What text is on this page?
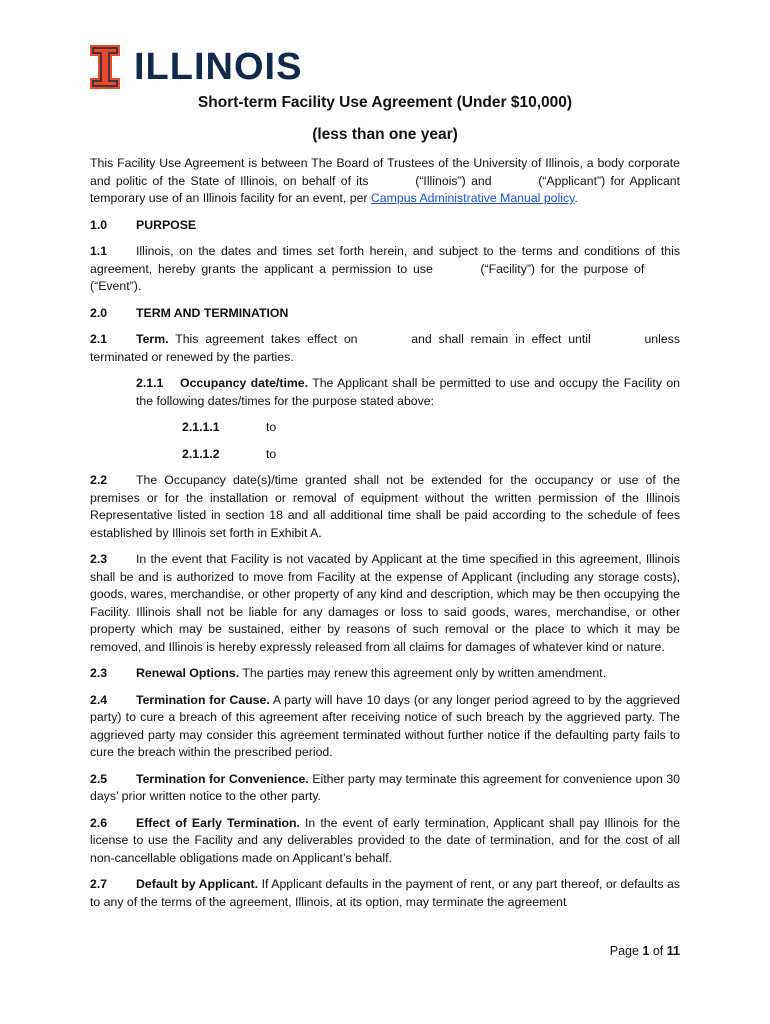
ILLINOIS
Short-term Facility Use Agreement (Under $10,000)
(less than one year)

This Facility Use Agreement is between The Board of Trustees of the University of Illinois, a body corporate and politic of the State of Illinois, on behalf of its	(“Illinois”) and	(“Applicant”) for Applicant temporary use of an Illinois facility for an event, per Campus Administrative Manual policy.

1.0 PURPOSE

1.1 Illinois, on the dates and times set forth herein, and subject to the terms and conditions of this agreement, hereby grants the applicant a permission to use	(“Facility”) for the purpose of  (“Event”).

2.0 TERM AND TERMINATION

2.1 Term. This agreement takes effect on	and shall remain in effect until	unless terminated or renewed by the parties.

2.1.1 Occupancy date/time. The Applicant shall be permitted to use and occupy the Facility on the following dates/times for the purpose stated above:

2.1.1.1	to

2.1.1.2	to

2.2 The Occupancy date(s)/time granted shall not be extended for the occupancy or use of the premises or for the installation or removal of equipment without the written permission of the Illinois Representative listed in section 18 and all additional time shall be paid according to the schedule of fees established by Illinois set forth in Exhibit A.

2.3 In the event that Facility is not vacated by Applicant at the time specified in this agreement, Illinois shall be and is authorized to move from Facility at the expense of Applicant (including any storage costs), goods, wares, merchandise, or other property of any kind and description, which may be then occupying the Facility. Illinois shall not be liable for any damages or loss to said goods, wares, merchandise, or other property which may be sustained, either by reasons of such removal or the place to which it may be removed, and Illinois is hereby expressly released from all claims for damages of whatever kind or nature.

2.3 Renewal Options. The parties may renew this agreement only by written amendment.

2.4 Termination for Cause. A party will have 10 days (or any longer period agreed to by the aggrieved party) to cure a breach of this agreement after receiving notice of such breach by the aggrieved party. The aggrieved party may consider this agreement terminated without further notice if the defaulting party fails to cure the breach within the prescribed period.

2.5 Termination for Convenience. Either party may terminate this agreement for convenience upon 30 days’ prior written notice to the other party.

2.6 Effect of Early Termination. In the event of early termination, Applicant shall pay Illinois for the license to use the Facility and any deliverables provided to the date of termination, and for the cost of all non-cancellable obligations made on Applicant’s behalf.

2.7 Default by Applicant. If Applicant defaults in the payment of rent, or any part thereof, or defaults as to any of the terms of the agreement, Illinois, at its option, may terminate the agreement

Page 1 of 11
